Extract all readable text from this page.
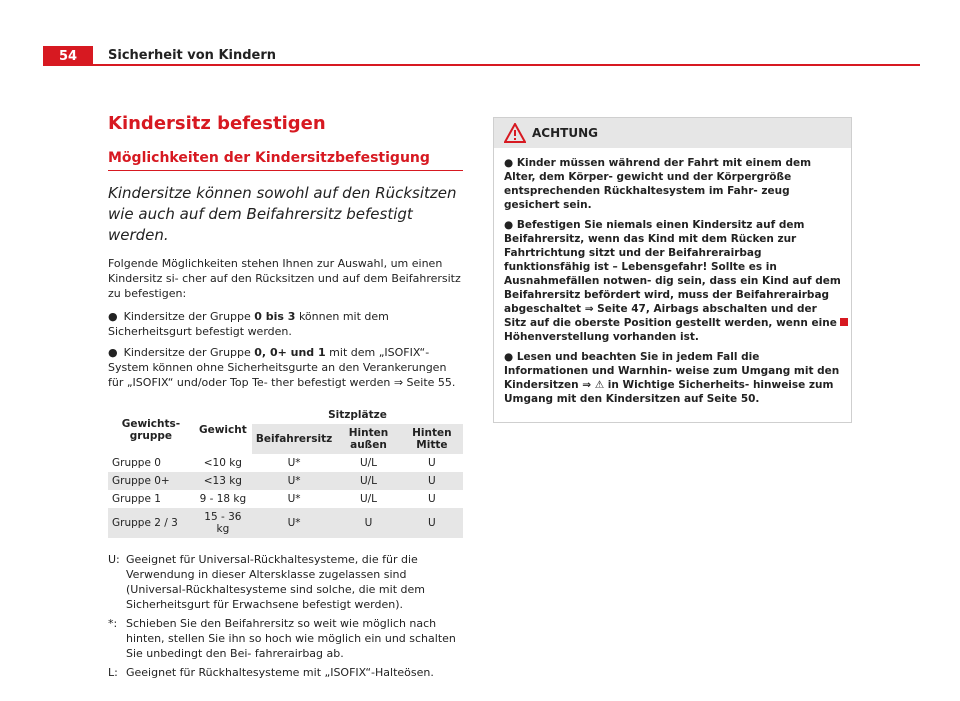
54	Sicherheit von Kindern
Kindersitz befestigen
Möglichkeiten der Kindersitzbefestigung
Kindersitze können sowohl auf den Rücksitzen wie auch auf dem Beifahrersitz befestigt werden.

Folgende Möglichkeiten stehen Ihnen zur Auswahl, um einen Kindersitz si- cher auf den Rücksitzen und auf dem Beifahrersitz zu befestigen:

● Kindersitze der Gruppe 0 bis 3 können mit dem Sicherheitsgurt befestigt werden.
● Kindersitze der Gruppe 0, 0+ und 1 mit dem „ISOFIX“-System können ohne Sicherheitsgurte an den Verankerungen für „ISOFIX“ und/oder Top Te- ther befestigt werden ⇒ Seite 55.
Gewichts- gruppe	Gewicht	Sitzplätze		
		Beifahrersitz	Hinten außen	Hinten Mitte
Gruppe 0	<10 kg	U*	U/L	U
Gruppe 0+	<13 kg	U*	U/L	U
Gruppe 1	9 - 18 kg	U*	U/L	U
Gruppe 2 / 3	15 - 36 kg	U*	U	U
U: Geeignet für Universal-Rückhaltesysteme, die für die Verwendung in dieser Altersklasse zugelassen sind (Universal-Rückhaltesysteme sind solche, die mit dem Sicherheitsgurt für Erwachsene befestigt werden).
*: Schieben Sie den Beifahrersitz so weit wie möglich nach hinten, stellen Sie ihn so hoch wie möglich ein und schalten Sie unbedingt den Bei- fahrerairbag ab.
L: Geeignet für Rückhaltesysteme mit „ISOFIX“-Halteösen.
ACHTUNG
● Kinder müssen während der Fahrt mit einem dem Alter, dem Körper- gewicht und der Körpergröße entsprechenden Rückhaltesystem im Fahr- zeug gesichert sein.
● Befestigen Sie niemals einen Kindersitz auf dem Beifahrersitz, wenn das Kind mit dem Rücken zur Fahrtrichtung sitzt und der Beifahrerairbag funktionsfähig ist – Lebensgefahr! Sollte es in Ausnahmefällen notwen- dig sein, dass ein Kind auf dem Beifahrersitz befördert wird, muss der Beifahrerairbag abgeschaltet ⇒ Seite 47, Airbags abschalten und der Sitz auf die oberste Position gestellt werden, wenn eine Höhenverstellung vorhanden ist.
● Lesen und beachten Sie in jedem Fall die Informationen und Warnhin- weise zum Umgang mit den Kindersitzen ⇒ ⚠ in Wichtige Sicherheits- hinweise zum Umgang mit den Kindersitzen auf Seite 50.
